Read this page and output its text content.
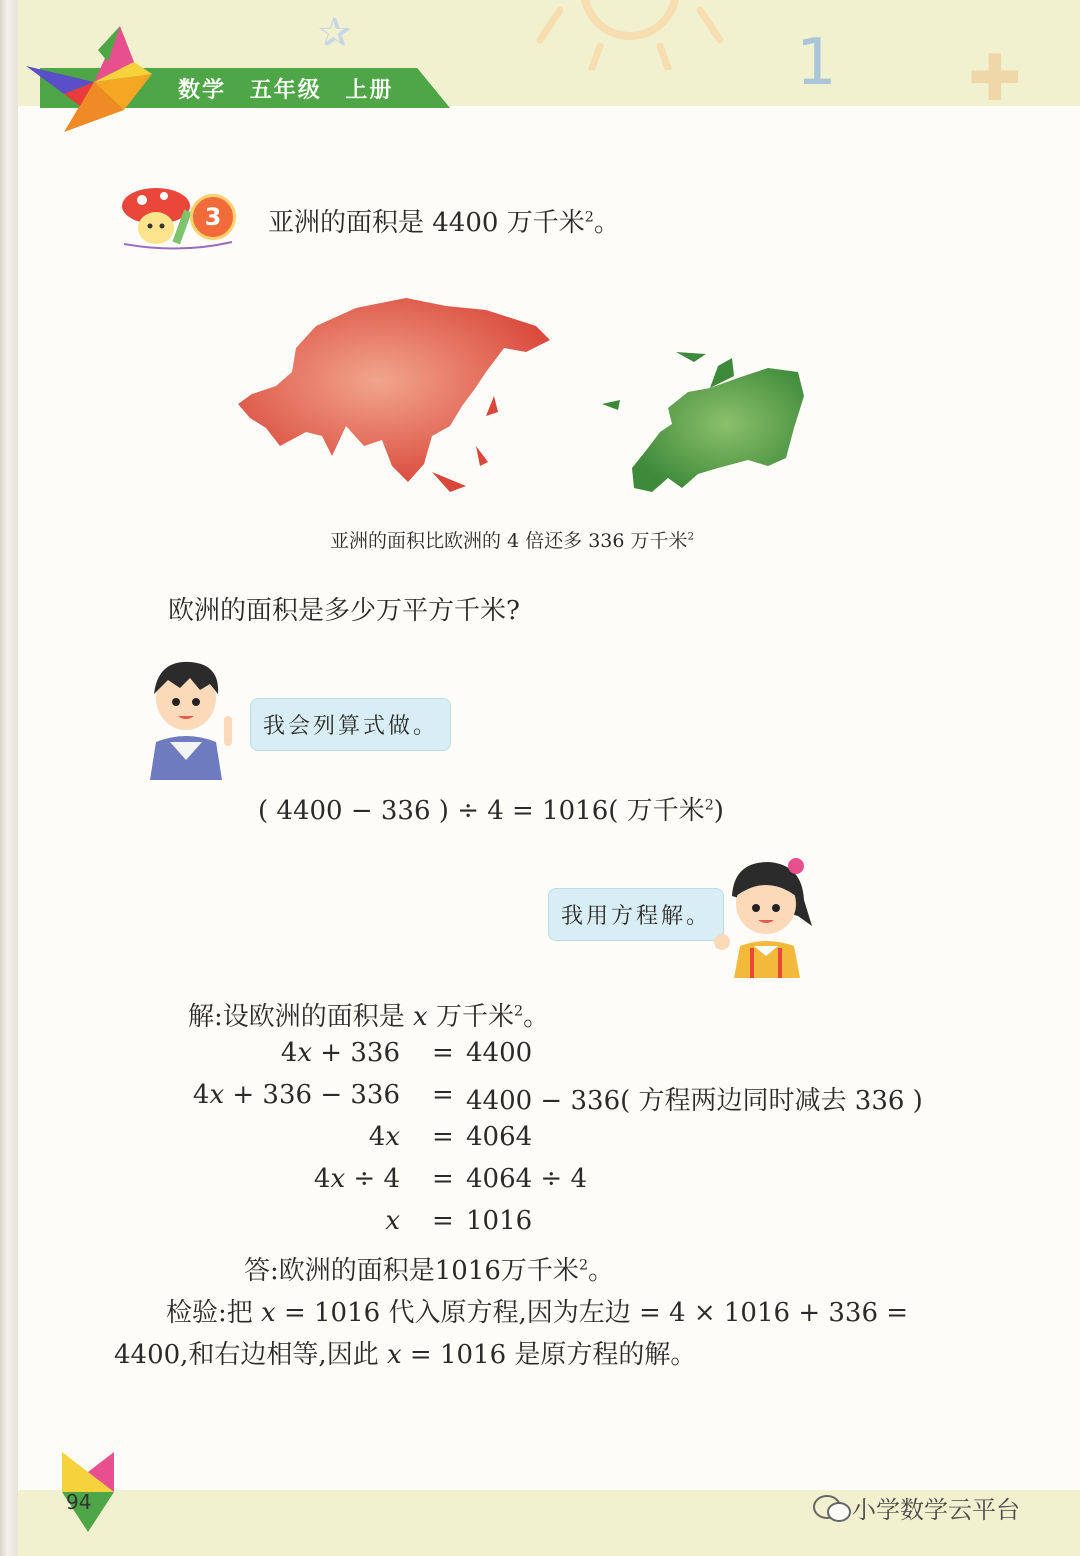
✰	1 ✚
数学 五年级 上册
3	亚洲的面积是 4400 万千米$^2$。
亚洲的面积比欧洲的 4 倍还多 336 万千米$^2$
欧洲的面积是多少万平方千米?
我会列算式做。
( 4400 − 336 ) ÷ 4 = 1016( 万千米$^2$)
我用方程解。
解:设欧洲的面积是 x 万千米$^2$。
4x + 336 = 4400
4x + 336 − 336 = 4400 − 336( 方程两边同时减去 336 )
4x = 4064
4x ÷ 4 = 4064 ÷ 4
x = 1016
答:欧洲的面积是1016万千米$^2$。
检验:把 x = 1016 代入原方程,因为左边 = 4 × 1016 + 336 =
4400,和右边相等,因此 x = 1016 是原方程的解。
94	小学数学云平台
